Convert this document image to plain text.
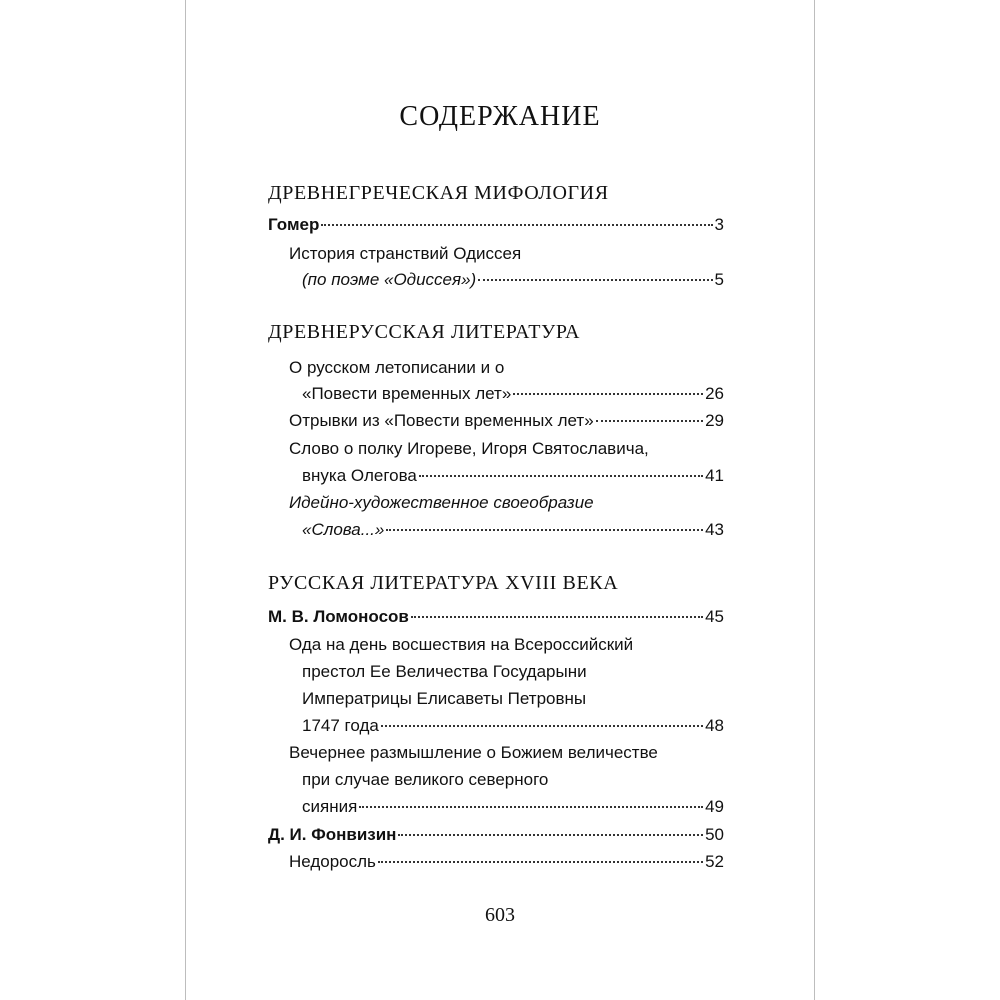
содержание
ДРЕВНЕГРЕЧЕСКАЯ МИФОЛОГИЯ
Гомер	3
История странствий Одиссея
(по поэме «Одиссея»)	5
ДРЕВНЕРУССКАЯ ЛИТЕРАТУРА
О русском летописании и о
«Повести временных лет»	26
Отрывки из «Повести временных лет»	29
Слово о полку Игореве, Игоря Святославича,
внука Олегова	41
Идейно-художественное своеобразие
«Слова...»	43
РУССКАЯ ЛИТЕРАТУРА XVIII ВЕКА
М. В. Ломоносов	45
Ода на день восшествия на Всероссийский
престол Ее Величества Государыни
Императрицы Елисаветы Петровны
1747 года	48
Вечернее размышление о Божием величестве
при случае великого северного
сияния	49
Д. И. Фонвизин	50
Недоросль	52
603
